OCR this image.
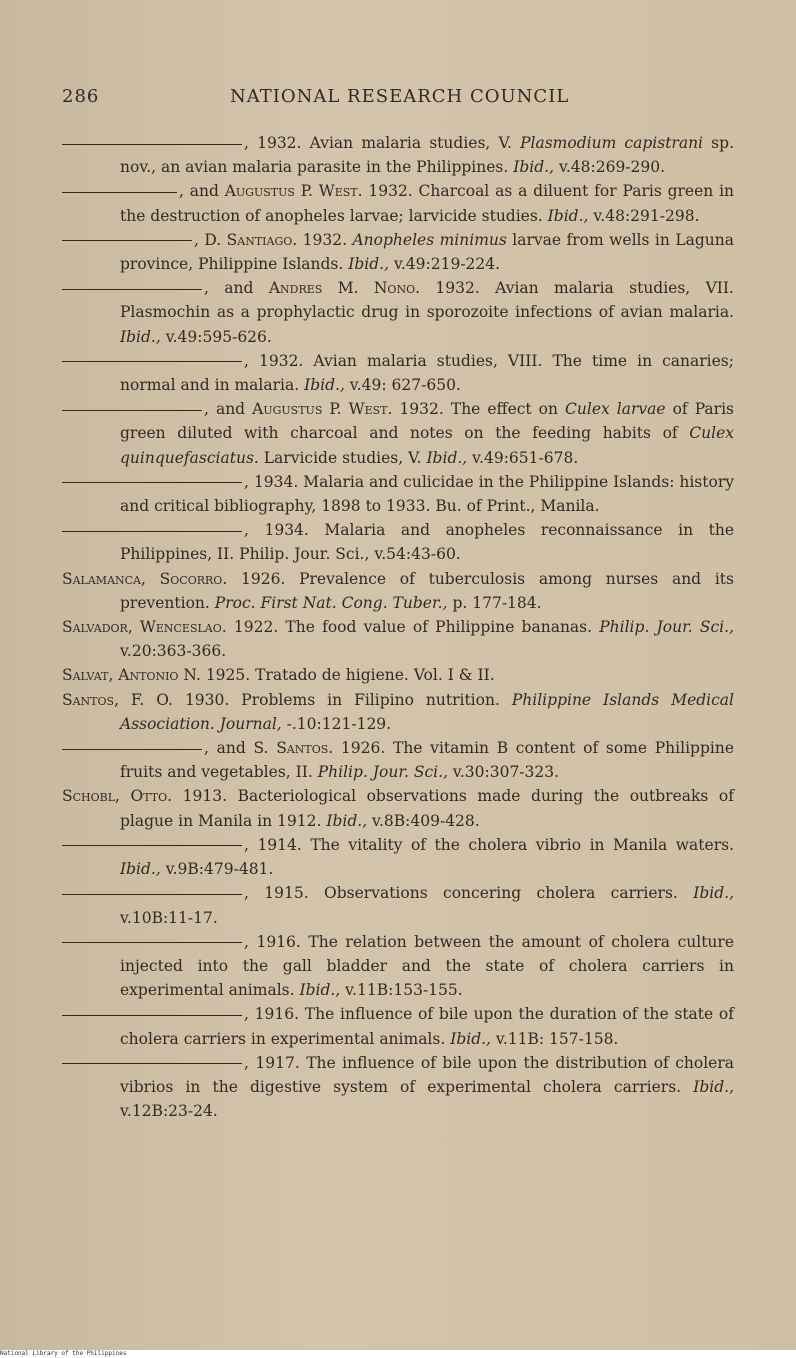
286	NATIONAL RESEARCH COUNCIL
, 1932. Avian malaria studies, V. Plasmodium capistrani sp. nov., an avian malaria parasite in the Philippines. Ibid., v.48:269-290.
, and Augustus P. West. 1932. Charcoal as a diluent for Paris green in the destruction of anopheles larvae; larvicide studies. Ibid., v.48:291-298.
, D. Santiago. 1932. Anopheles minimus larvae from wells in Laguna province, Philippine Islands. Ibid., v.49:219-224.
, and Andres M. Nono. 1932. Avian malaria studies, VII. Plasmochin as a prophylactic drug in sporozoite infections of avian malaria. Ibid., v.49:595-626.
, 1932. Avian malaria studies, VIII. The time in canaries; normal and in malaria. Ibid., v.49: 627-650.
, and Augustus P. West. 1932. The effect on Culex larvae of Paris green diluted with charcoal and notes on the feeding habits of Culex quinquefasciatus. Larvicide studies, V. Ibid., v.49:651-678.
, 1934. Malaria and culicidae in the Philippine Islands: history and critical bibliography, 1898 to 1933. Bu. of Print., Manila.
, 1934. Malaria and anopheles reconnaissance in the Philippines, II. Philip. Jour. Sci., v.54:43-60.
Salamanca, Socorro. 1926. Prevalence of tuberculosis among nurses and its prevention. Proc. First Nat. Cong. Tuber., p. 177-184.
Salvador, Wenceslao. 1922. The food value of Philippine bananas. Philip. Jour. Sci., v.20:363-366.
Salvat, Antonio N. 1925. Tratado de higiene. Vol. I & II.
Santos, F. O. 1930. Problems in Filipino nutrition. Philippine Islands Medical Association. Journal, -.10:121-129.
, and S. Santos. 1926. The vitamin B content of some Philippine fruits and vegetables, II. Philip. Jour. Sci., v.30:307-323.
Schobl, Otto. 1913. Bacteriological observations made during the outbreaks of plague in Manila in 1912. Ibid., v.8B:409-428.
, 1914. The vitality of the cholera vibrio in Manila waters. Ibid., v.9B:479-481.
, 1915. Observations concering cholera carriers. Ibid., v.10B:11-17.
, 1916. The relation between the amount of cholera culture injected into the gall bladder and the state of cholera carriers in experimental animals. Ibid., v.11B:153-155.
, 1916. The influence of bile upon the duration of the state of cholera carriers in experimental animals. Ibid., v.11B: 157-158.
, 1917. The influence of bile upon the distribution of cholera vibrios in the digestive system of experimental cholera carriers. Ibid., v.12B:23-24.
National Library of the Philippines
